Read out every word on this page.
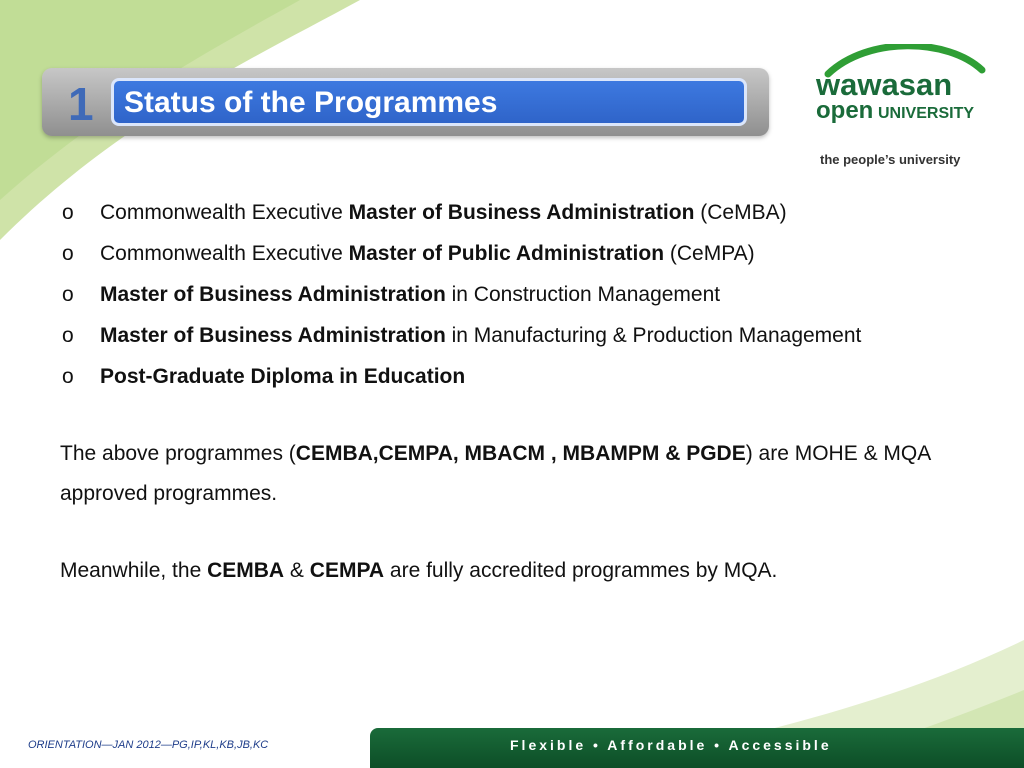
1	Status of the Programmes
wawasan
open UNIVERSITY
the people’s university
o Commonwealth Executive Master of Business Administration (CeMBA)
o Commonwealth Executive Master of Public Administration (CeMPA)
o Master of Business Administration in Construction Management
o Master of Business Administration in Manufacturing & Production Management
o Post-Graduate Diploma in Education

The above programmes (CEMBA,CEMPA, MBACM , MBAMPM & PGDE) are MOHE & MQA approved programmes.

Meanwhile, the CEMBA & CEMPA are fully accredited programmes by MQA.

ORIENTATION—JAN 2012—PG,IP,KL,KB,JB,KC	Flexible • Affordable • Accessible
